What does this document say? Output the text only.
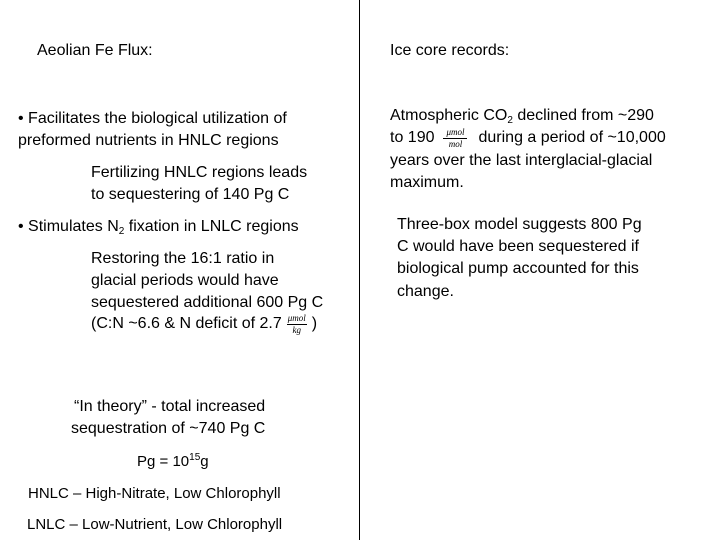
Aeolian Fe Flux:
• Facilitates the biological utilization of
preformed nutrients in HNLC regions
Fertilizing HNLC regions leads
to sequestering of 140 Pg C
• Stimulates $N_2$ fixation in LNLC regions
Restoring the 16:1 ratio in
glacial periods would have
sequestered additional 600 Pg C
(C:N ~6.6 & N deficit of $2.7 \frac{\text{μmol}}{kg}$ )
“In theory” - total increased
sequestration of ~740 Pg C
$Pg = 10^{15}g$
HNLC – High-Nitrate, Low Chlorophyll
LNLC – Low-Nutrient, Low Chlorophyll
Ice core records:
Atmospheric $CO_2$ declined from ~290
to $190 \frac{\text{μmol}}{\text{mol}}$ during a period of ~10,000
years over the last interglacial-glacial
maximum.
Three-box model suggests 800 Pg
C would have been sequestered if
biological pump accounted for this
change.
